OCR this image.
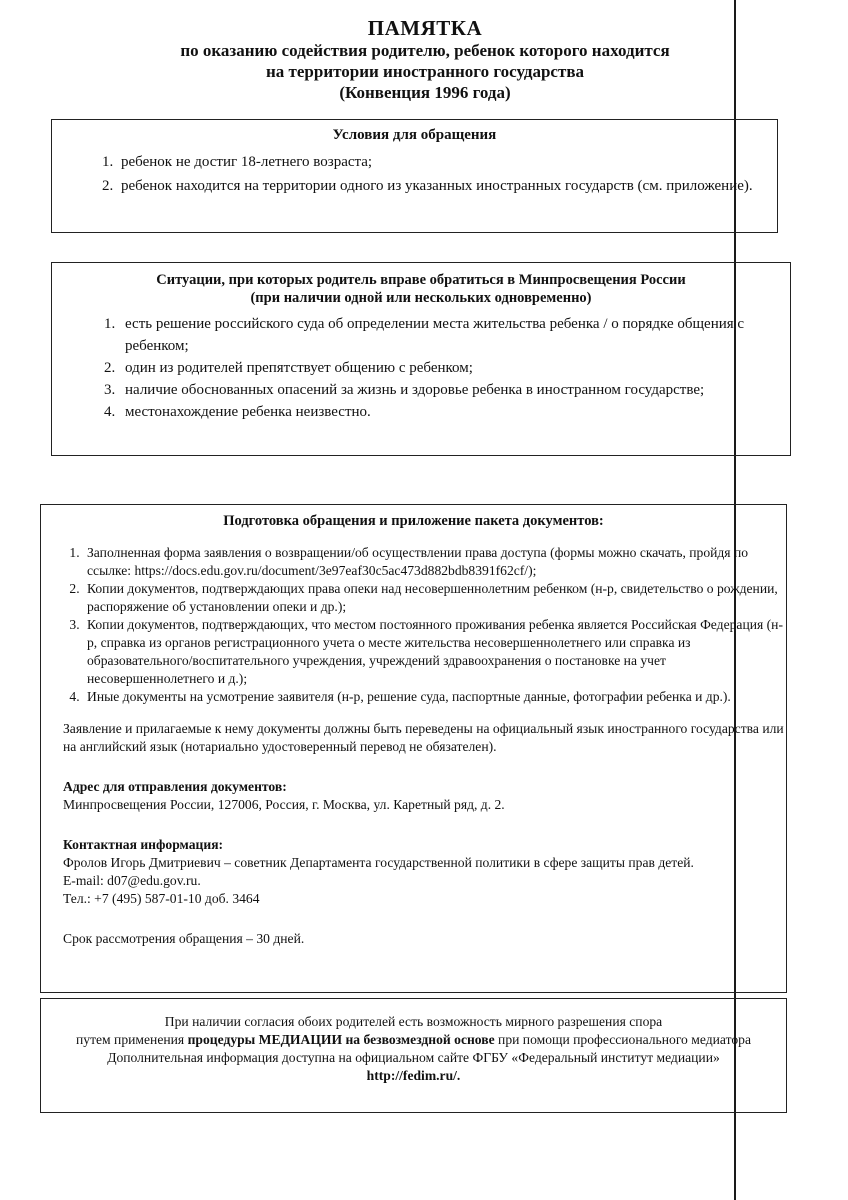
ПАМЯТКА
по оказанию содействия родителю, ребенок которого находится
на территории иностранного государства
(Конвенция 1996 года)
Условия для обращения
1. ребенок не достиг 18-летнего возраста;
2. ребенок находится на территории одного из указанных иностранных государств (см. приложение).
Ситуации, при которых родитель вправе обратиться в Минпросвещения России
(при наличии одной или нескольких одновременно)
1. есть решение российского суда об определении места жительства ребенка / о порядке общения с ребенком;
2. один из родителей препятствует общению с ребенком;
3. наличие обоснованных опасений за жизнь и здоровье ребенка в иностранном государстве;
4. местонахождение ребенка неизвестно.
Подготовка обращения и приложение пакета документов:
1. Заполненная форма заявления о возвращении/об осуществлении права доступа (формы можно скачать, пройдя по ссылке: https://docs.edu.gov.ru/document/3e97eaf30c5ac473d882bdb8391f62cf/);
2. Копии документов, подтверждающих права опеки над несовершеннолетним ребенком (н-р, свидетельство о рождении, распоряжение об установлении опеки и др.);
3. Копии документов, подтверждающих, что местом постоянного проживания ребенка является Российская Федерация (н-р, справка из органов регистрационного учета о месте жительства несовершеннолетнего или справка из образовательного/воспитательного учреждения, учреждений здравоохранения о постановке на учет несовершеннолетнего и д.);
4. Иные документы на усмотрение заявителя (н-р, решение суда, паспортные данные, фотографии ребенка и др.).

Заявление и прилагаемые к нему документы должны быть переведены на официальный язык иностранного государства или на английский язык (нотариально удостоверенный перевод не обязателен).

Адрес для отправления документов:

Минпросвещения России, 127006, Россия, г. Москва, ул. Каретный ряд, д. 2.

Контактная информация:

Фролов Игорь Дмитриевич – советник Департамента государственной политики в сфере защиты прав детей.

E-mail: d07@edu.gov.ru.

Тел.: +7 (495) 587-01-10 доб. 3464

Срок рассмотрения обращения – 30 дней.

При наличии согласия обоих родителей есть возможность мирного разрешения спора
путем применения процедуры МЕДИАЦИИ на безвозмездной основе при помощи профессионального медиатора
Дополнительная информация доступна на официальном сайте ФГБУ «Федеральный институт медиации»
http://fedim.ru/.
